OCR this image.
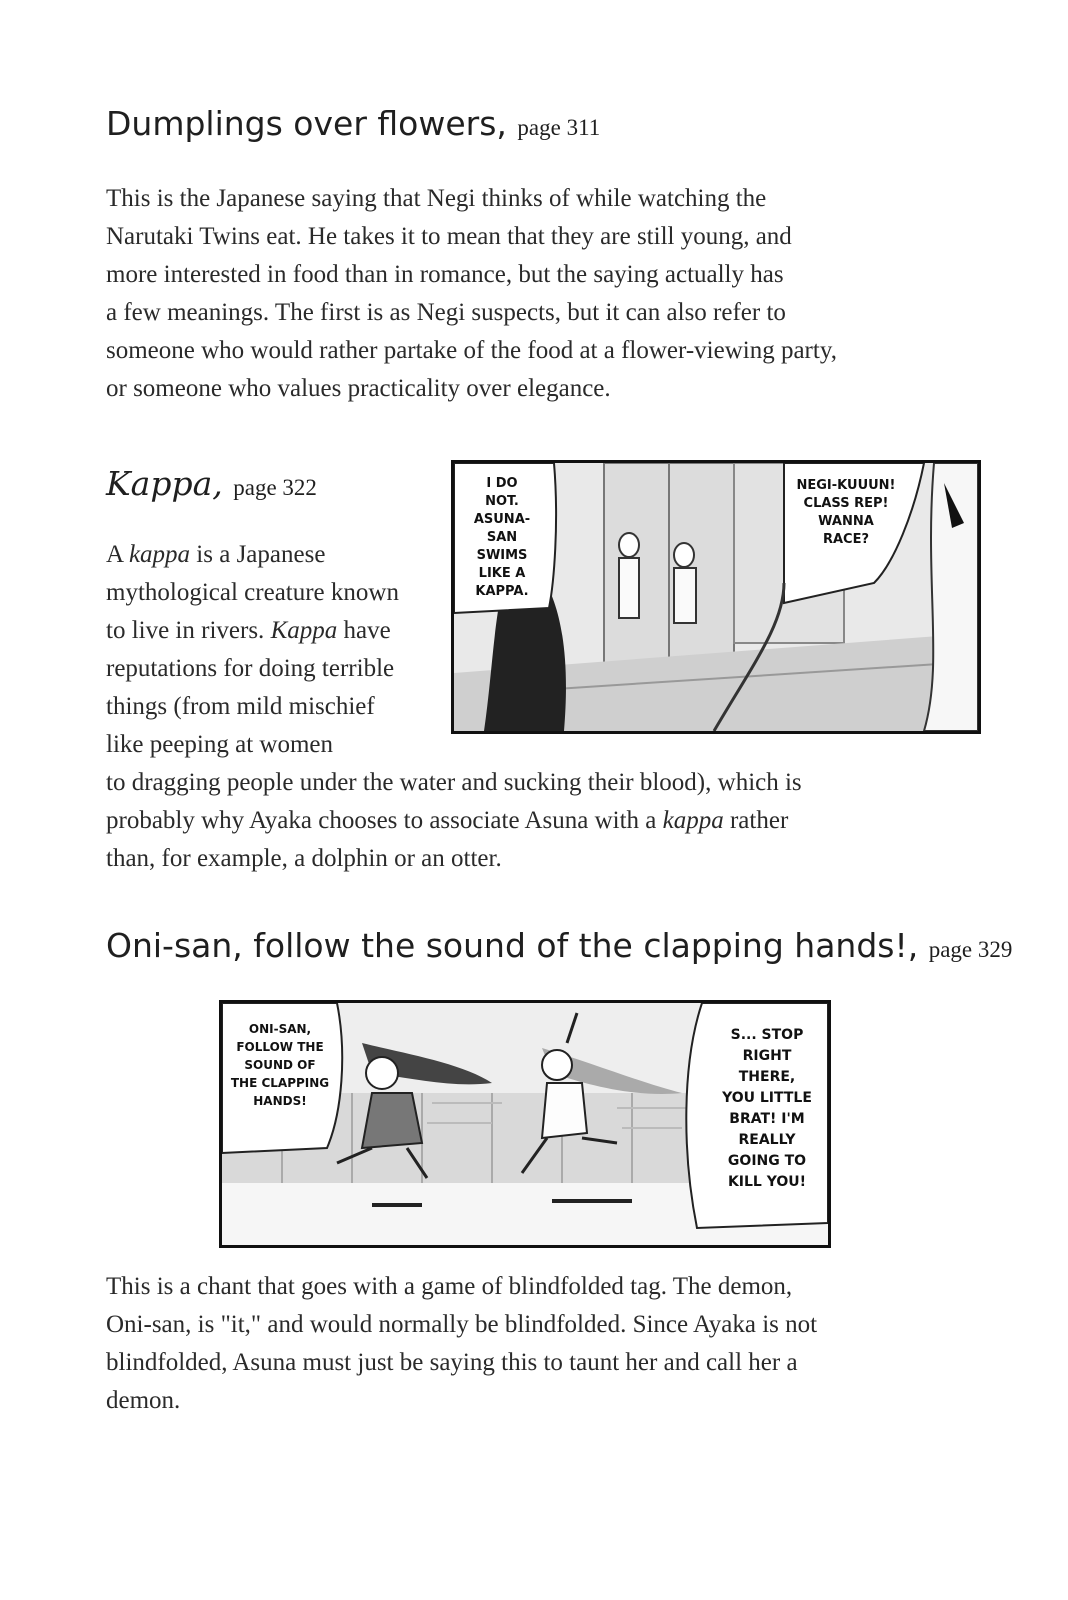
Dumplings over flowers, page 311
This is the Japanese saying that Negi thinks of while watching the
Narutaki Twins eat. He takes it to mean that they are still young, and
more interested in food than in romance, but the saying actually has
a few meanings. The first is as Negi suspects, but it can also refer to
someone who would rather partake of the food at a flower-viewing party,
or someone who values practicality over elegance.
Kappa, page 322
A kappa is a Japanese
mythological creature known
to live in rivers. Kappa have
reputations for doing terrible
things (from mild mischief
like peeping at women
to dragging people under the water and sucking their blood), which is
probably why Ayaka chooses to associate Asuna with a kappa rather
than, for example, a dolphin or an otter.
I DO NOT. ASUNA-SAN SWIMS LIKE A KAPPA.
NEGI-KUUUN! CLASS REP! WANNA RACE?
Oni-san, follow the sound of the clapping hands!, page 329
ONI-SAN, FOLLOW THE SOUND OF THE CLAPPING HANDS!
S... STOP RIGHT THERE, YOU LITTLE BRAT! I'M REALLY GOING TO KILL YOU!
This is a chant that goes with a game of blindfolded tag. The demon,
Oni-san, is "it," and would normally be blindfolded. Since Ayaka is not
blindfolded, Asuna must just be saying this to taunt her and call her a
demon.
